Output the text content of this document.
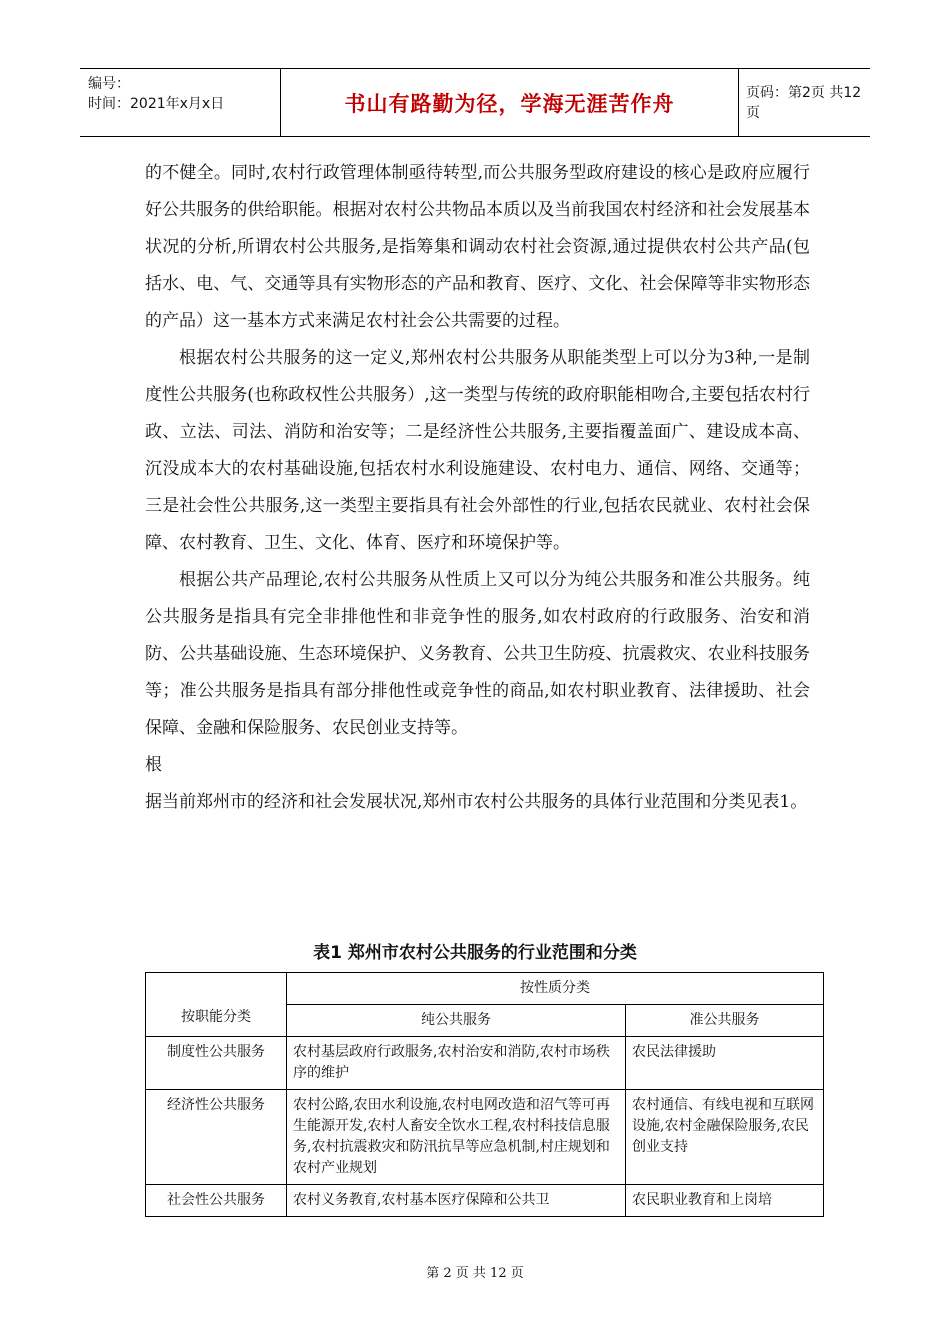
编号：
时间：2021年x月x日	书山有路勤为径，学海无涯苦作舟	页码：第2页 共12页

的不健全。同时,农村行政管理体制亟待转型,而公共服务型政府建设的核心是政府应履行好公共服务的供给职能。根据对农村公共物品本质以及当前我国农村经济和社会发展基本状况的分析,所谓农村公共服务,是指筹集和调动农村社会资源,通过提供农村公共产品(包括水、电、气、交通等具有实物形态的产品和教育、医疗、文化、社会保障等非实物形态的产品）这一基本方式来满足农村社会公共需要的过程。

根据农村公共服务的这一定义,郑州农村公共服务从职能类型上可以分为3种,一是制度性公共服务(也称政权性公共服务）,这一类型与传统的政府职能相吻合,主要包括农村行政、立法、司法、消防和治安等；二是经济性公共服务,主要指覆盖面广、建设成本高、沉没成本大的农村基础设施,包括农村水利设施建设、农村电力、通信、网络、交通等；三是社会性公共服务,这一类型主要指具有社会外部性的行业,包括农民就业、农村社会保障、农村教育、卫生、文化、体育、医疗和环境保护等。

根据公共产品理论,农村公共服务从性质上又可以分为纯公共服务和准公共服务。纯公共服务是指具有完全非排他性和非竞争性的服务,如农村政府的行政服务、治安和消防、公共基础设施、生态环境保护、义务教育、公共卫生防疫、抗震救灾、农业科技服务等；准公共服务是指具有部分排他性或竞争性的商品,如农村职业教育、法律援助、社会保障、金融和保险服务、农民创业支持等。

根

据当前郑州市的经济和社会发展状况,郑州市农村公共服务的具体行业范围和分类见表1。

表1 郑州市农村公共服务的行业范围和分类
按职能分类	按性质分类	
	纯公共服务	准公共服务
制度性公共服务	农村基层政府行政服务,农村治安和消防,农村市场秩序的维护	农民法律援助
经济性公共服务	农村公路,农田水利设施,农村电网改造和沼气等可再生能源开发,农村人畜安全饮水工程,农村科技信息服务,农村抗震救灾和防汛抗旱等应急机制,村庄规划和农村产业规划	农村通信、有线电视和互联网设施,农村金融保险服务,农民创业支持
社会性公共服务	农村义务教育,农村基本医疗保障和公共卫	农民职业教育和上岗培
第 2 页 共 12 页
